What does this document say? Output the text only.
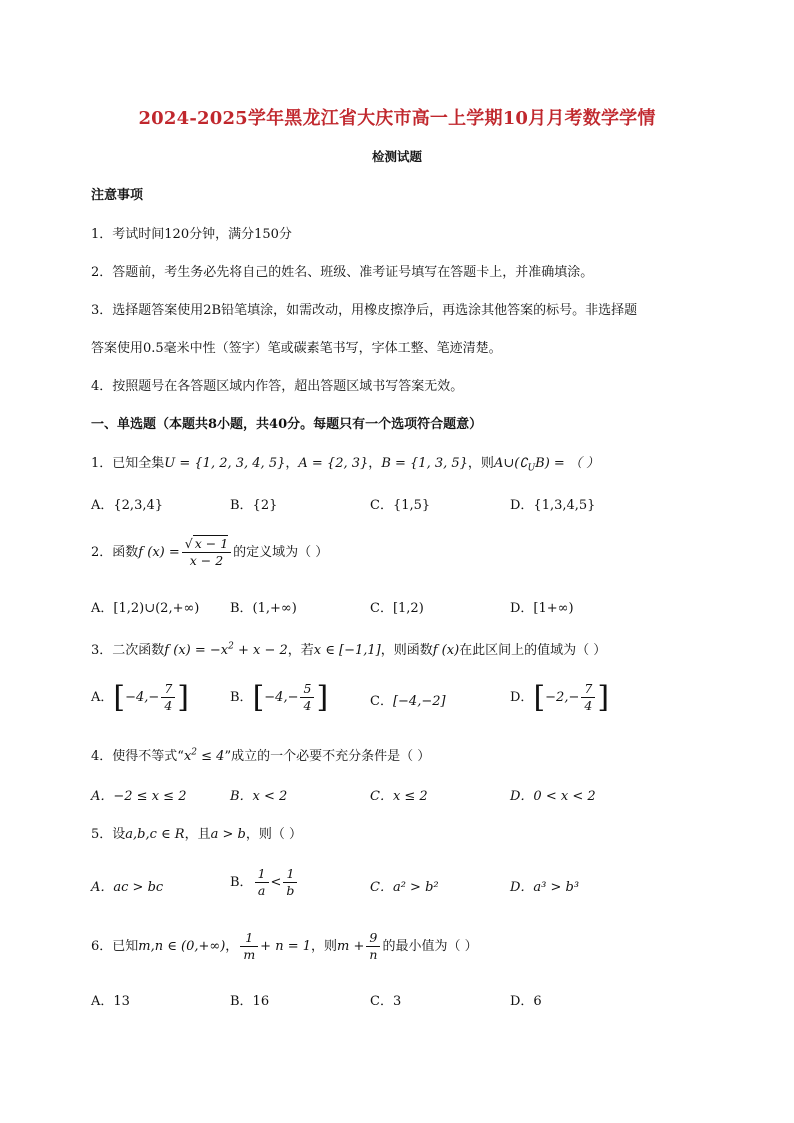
2024-2025学年黑龙江省大庆市高一上学期10月月考数学学情
检测试题
注意事项
1．考试时间120分钟，满分150分
2．答题前，考生务必先将自己的姓名、班级、准考证号填写在答题卡上，并准确填涂。
3．选择题答案使用2B铅笔填涂，如需改动，用橡皮擦净后，再选涂其他答案的标号。非选择题
答案使用0.5毫米中性（签字）笔或碳素笔书写，字体工整、笔迹清楚。
4．按照题号在各答题区域内作答，超出答题区域书写答案无效。
一、单选题（本题共8小题，共40分。每题只有一个选项符合题意）
1．已知全集U = {1, 2, 3, 4, 5}，A = {2, 3}，B = {1, 3, 5}，则$A\cup(∁_UB)$ = （ ）
A．{2,3,4}	B．{2}	C．{1,5}	D．{1,3,4,5}
2．函数f $(x) = \frac{√ x - 1}{x - 2}$ 的定义域为（ ）
A．[1,2)∪(2,+∞) B．(1,+∞)	C．[1,2)	D．[1+∞)
3．二次函数f $(x) = -x^2 + x - 2$，若x ∈ [−1,1]，则函数f (x)在此区间上的值域为（ ）
A．[$-4,- \frac{7}{4}$ ]	B．[$-4,- \frac{5}{4}$ ]	C．[−4,−2]	D．[$-2,- \frac{7}{4}$ ]
4．使得不等式“$x^2 \le 4$”成立的一个必要不充分条件是（ ）
A．−2 ≤ x ≤ 2	B．x < 2	C．x ≤ 2	D．0 < x < 2
5．设a,b,c ∈ R，且a > b，则（ ）
A．ac > bc	B． $\frac{1}{a} < \frac{1}{b}$	C．a² > b²	D．a³ > b³
6．已知m,n ∈ (0,+∞)， $\frac{1}{m} + n = 1$，则$m + \frac{9}{n}$ 的最小值为（ ）
A．13	B．16	C．3	D．6
